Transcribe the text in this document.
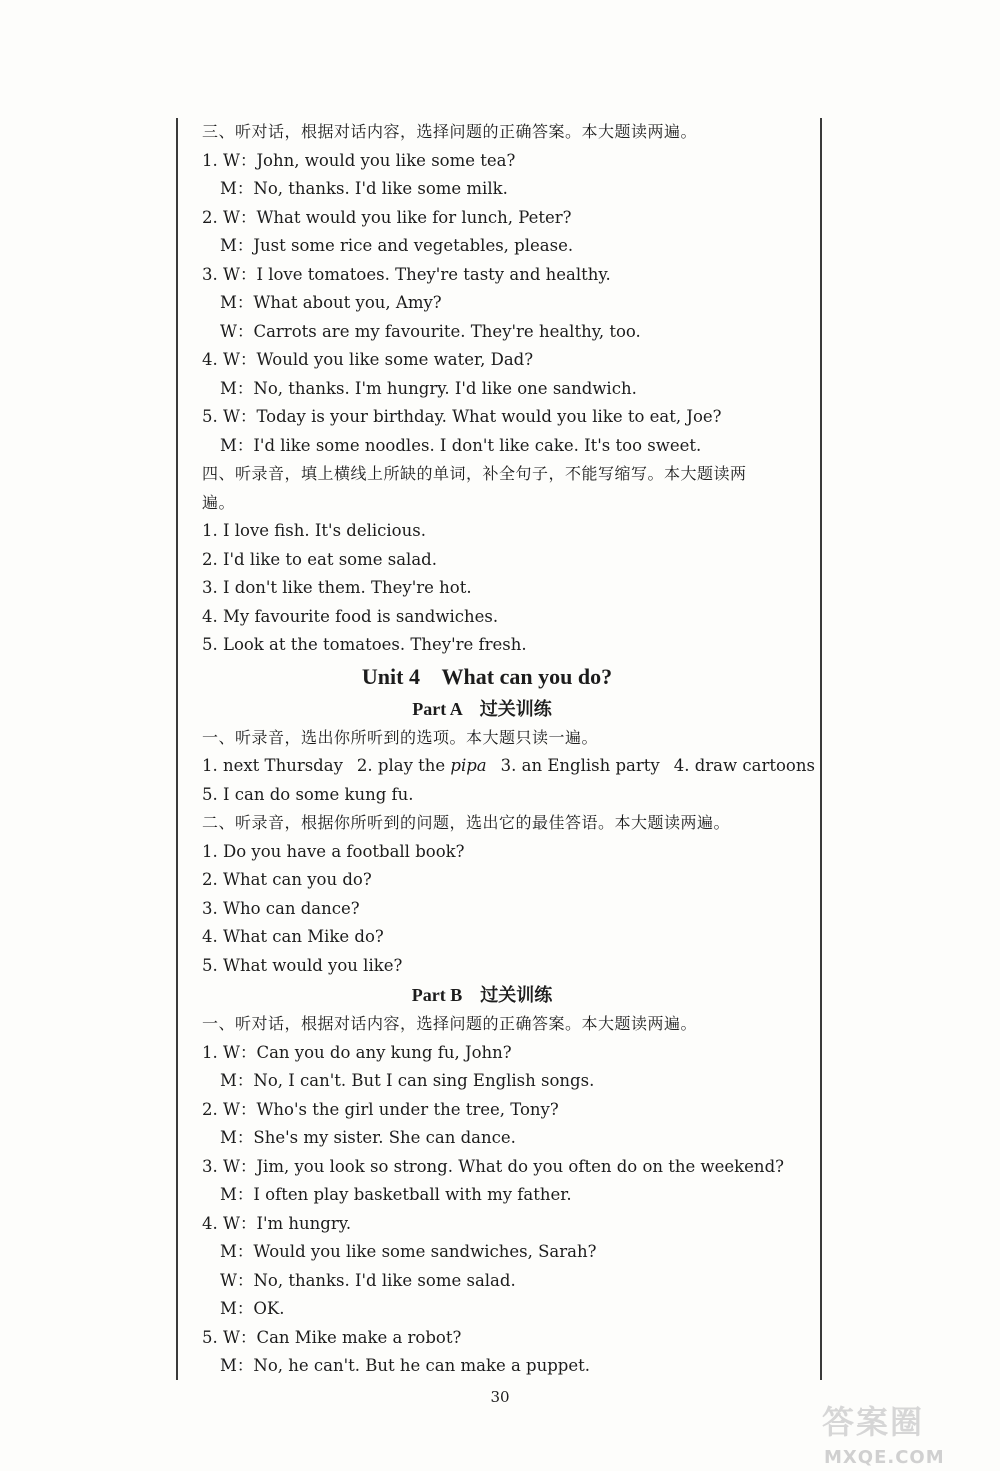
三、听对话，根据对话内容，选择问题的正确答案。本大题读两遍。
1. W：John, would you like some tea?
M：No, thanks. I'd like some milk.
2. W：What would you like for lunch, Peter?
M：Just some rice and vegetables, please.
3. W：I love tomatoes. They're tasty and healthy.
M：What about you, Amy?
W：Carrots are my favourite. They're healthy, too.
4. W：Would you like some water, Dad?
M：No, thanks. I'm hungry. I'd like one sandwich.
5. W：Today is your birthday. What would you like to eat, Joe?
M：I'd like some noodles. I don't like cake. It's too sweet.
四、听录音，填上横线上所缺的单词，补全句子，不能写缩写。本大题读两
遍。
1. I love fish. It's delicious.
2. I'd like to eat some salad.
3. I don't like them. They're hot.
4. My favourite food is sandwiches.
5. Look at the tomatoes. They're fresh.
Unit 4    What can you do?
Part A    过关训练
一、听录音，选出你所听到的选项。本大题只读一遍。
1. next Thursday 2. play the pipa 3. an English party 4. draw cartoons
5. I can do some kung fu.
二、听录音，根据你所听到的问题，选出它的最佳答语。本大题读两遍。
1. Do you have a football book?
2. What can you do?
3. Who can dance?
4. What can Mike do?
5. What would you like?
Part B    过关训练
一、听对话，根据对话内容，选择问题的正确答案。本大题读两遍。
1. W：Can you do any kung fu, John?
M：No, I can't. But I can sing English songs.
2. W：Who's the girl under the tree, Tony?
M：She's my sister. She can dance.
3. W：Jim, you look so strong. What do you often do on the weekend?
M：I often play basketball with my father.
4. W：I'm hungry.
M：Would you like some sandwiches, Sarah?
W：No, thanks. I'd like some salad.
M：OK.
5. W：Can Mike make a robot?
M：No, he can't. But he can make a puppet.
30
答案圈
MXQE.COM
